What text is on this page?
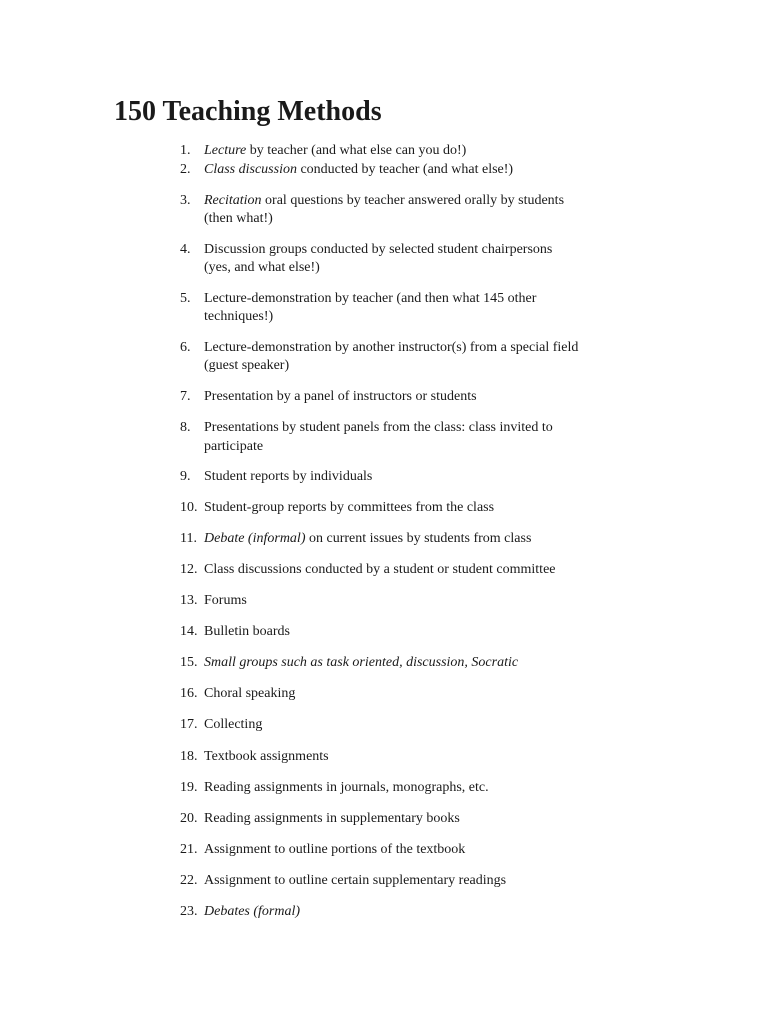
150 Teaching Methods
1. Lecture by teacher (and what else can you do!)
2. Class discussion conducted by teacher (and what else!)
3. Recitation oral questions by teacher answered orally by students (then what!)
4. Discussion groups conducted by selected student chairpersons (yes, and what else!)
5. Lecture-demonstration by teacher (and then what 145 other techniques!)
6. Lecture-demonstration by another instructor(s) from a special field (guest speaker)
7. Presentation by a panel of instructors or students
8. Presentations by student panels from the class: class invited to participate
9. Student reports by individuals
10. Student-group reports by committees from the class
11. Debate (informal) on current issues by students from class
12. Class discussions conducted by a student or student committee
13. Forums
14. Bulletin boards
15. Small groups such as task oriented, discussion, Socratic
16. Choral speaking
17. Collecting
18. Textbook assignments
19. Reading assignments in journals, monographs, etc.
20. Reading assignments in supplementary books
21. Assignment to outline portions of the textbook
22. Assignment to outline certain supplementary readings
23. Debates (formal)
